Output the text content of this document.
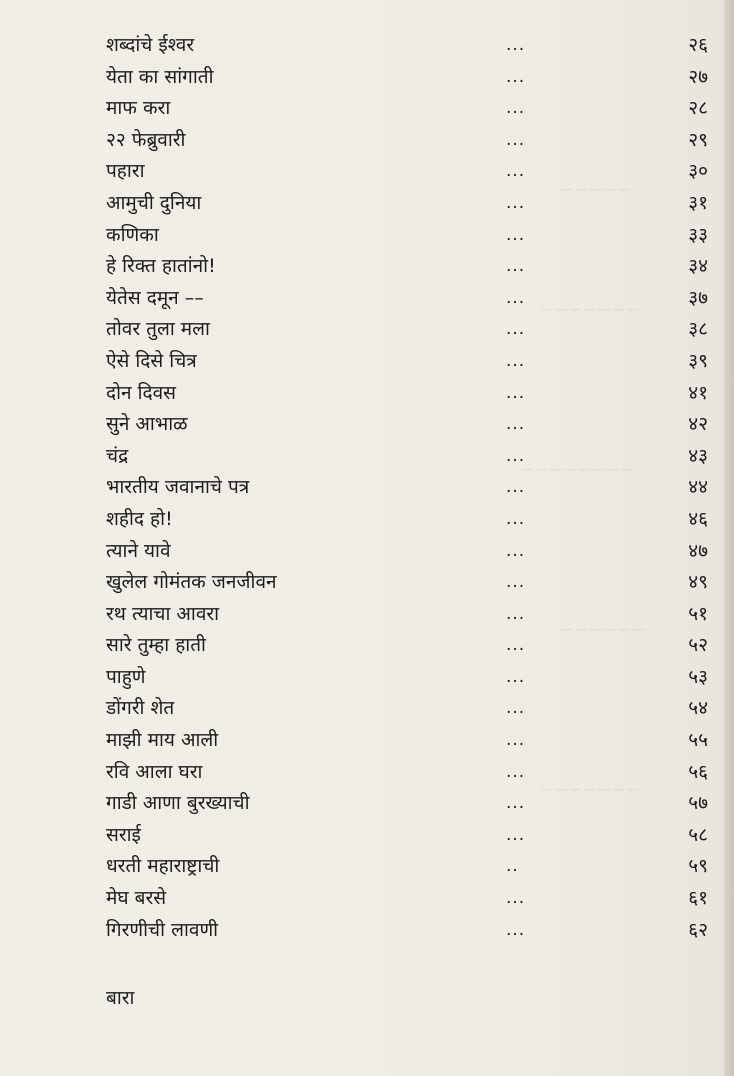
~~~~~
~~~~~~~
~~~~~~~~
~~~~~~
~~~~~~~
शब्दांचे ईश्वर	...	२६
येता का सांगाती	...	२७
माफ करा	...	२८
२२ फेब्रुवारी	...	२९
पहारा	...	३०
आमुची दुनिया	...	३१
कणिका	...	३३
हे रिक्त हातांनो!	...	३४
येतेस दमून ––	...	३७
तोवर तुला मला	...	३८
ऐसे दिसे चित्र	...	३९
दोन दिवस	...	४१
सुने आभाळ	...	४२
चंद्र	...	४३
भारतीय जवानाचे पत्र	...	४४
शहीद हो!	...	४६
त्याने यावे	...	४७
खुलेल गोमंतक जनजीवन	...	४९
रथ त्याचा आवरा	...	५१
सारे तुम्हा हाती	...	५२
पाहुणे	...	५३
डोंगरी शेत	...	५४
माझी माय आली	...	५५
रवि आला घरा	...	५६
गाडी आणा बुरख्याची	...	५७
सराई	...	५८
धरती महाराष्ट्राची	..	५९
मेघ बरसे	...	६१
गिरणीची लावणी	...	६२
बारा
